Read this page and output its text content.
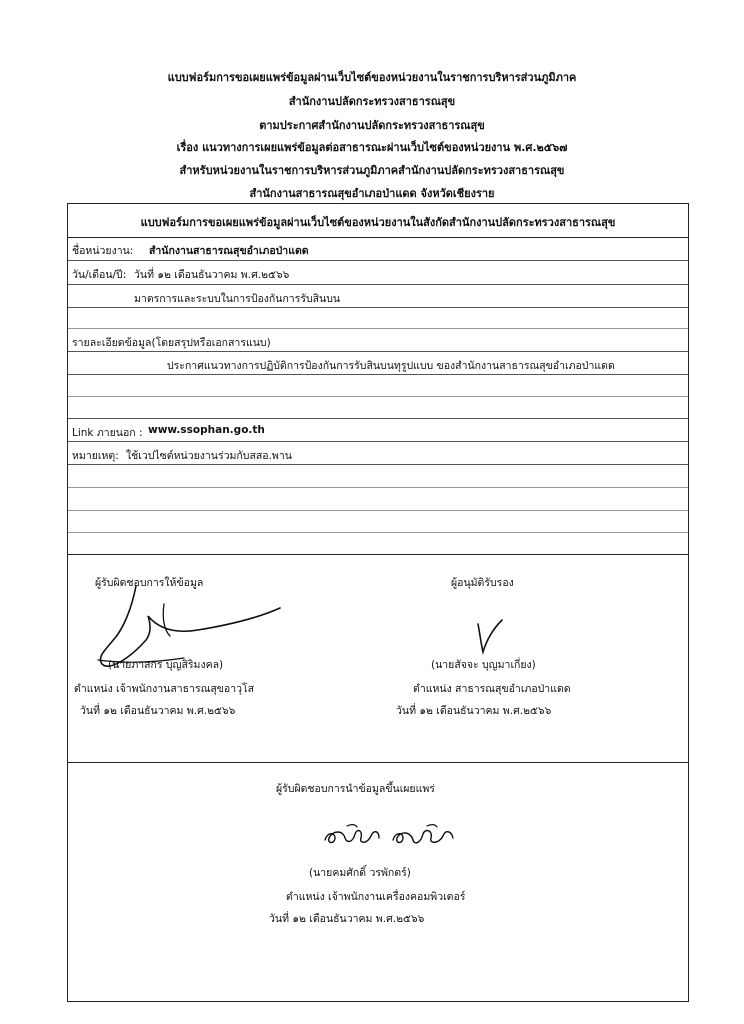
แบบฟอร์มการขอเผยแพร่ข้อมูลผ่านเว็บไซต์ของหน่วยงานในราชการบริหารส่วนภูมิภาค
สำนักงานปลัดกระทรวงสาธารณสุข
ตามประกาศสำนักงานปลัดกระทรวงสาธารณสุข
เรื่อง แนวทางการเผยแพร่ข้อมูลต่อสาธารณะผ่านเว็บไซต์ของหน่วยงาน พ.ศ.๒๕๖๗
สำหรับหน่วยงานในราชการบริหารส่วนภูมิภาคสำนักงานปลัดกระทรวงสาธารณสุข
สำนักงานสาธารณสุขอำเภอป่าแดด จังหวัดเชียงราย
แบบฟอร์มการขอเผยแพร่ข้อมูลผ่านเว็บไซต์ของหน่วยงานในสังกัดสำนักงานปลัดกระทรวงสาธารณสุข
ชื่อหน่วยงาน: สำนักงานสาธารณสุขอำเภอป่าแดด
วัน/เดือน/ปี: วันที่ ๑๒ เดือนธันวาคม พ.ศ.๒๕๖๖
มาตรการและระบบในการป้องกันการรับสินบน
รายละเอียดข้อมูล(โดยสรุปหรือเอกสารแนบ)
ประกาศแนวทางการปฏิบัติการป้องกันการรับสินบนทุรูปแบบ ของสำนักงานสาธารณสุขอำเภอป่าแดด
Link ภายนอก : www.ssophan.go.th
หมายเหตุ: ใช้เวปไซต์หน่วยงานร่วมกับสสอ.พาน
ผู้รับผิดชอบการให้ข้อมูล
(นายภาสกร บุญสิริมงคล)
ตำแหน่ง เจ้าพนักงานสาธารณสุขอาวุโส
วันที่ ๑๒ เดือนธันวาคม พ.ศ.๒๕๖๖
ผู้อนุมัติรับรอง
(นายสัจจะ บุญมาเกี่ยง)
ตำแหน่ง สาธารณสุขอำเภอป่าแดด
วันที่ ๑๒ เดือนธันวาคม พ.ศ.๒๕๖๖
ผู้รับผิดชอบการนำข้อมูลขึ้นเผยแพร่
(นายคมศักดิ์ วรพักตร์)
ตำแหน่ง เจ้าพนักงานเครื่องคอมพิวเตอร์
วันที่ ๑๒ เดือนธันวาคม พ.ศ.๒๕๖๖
